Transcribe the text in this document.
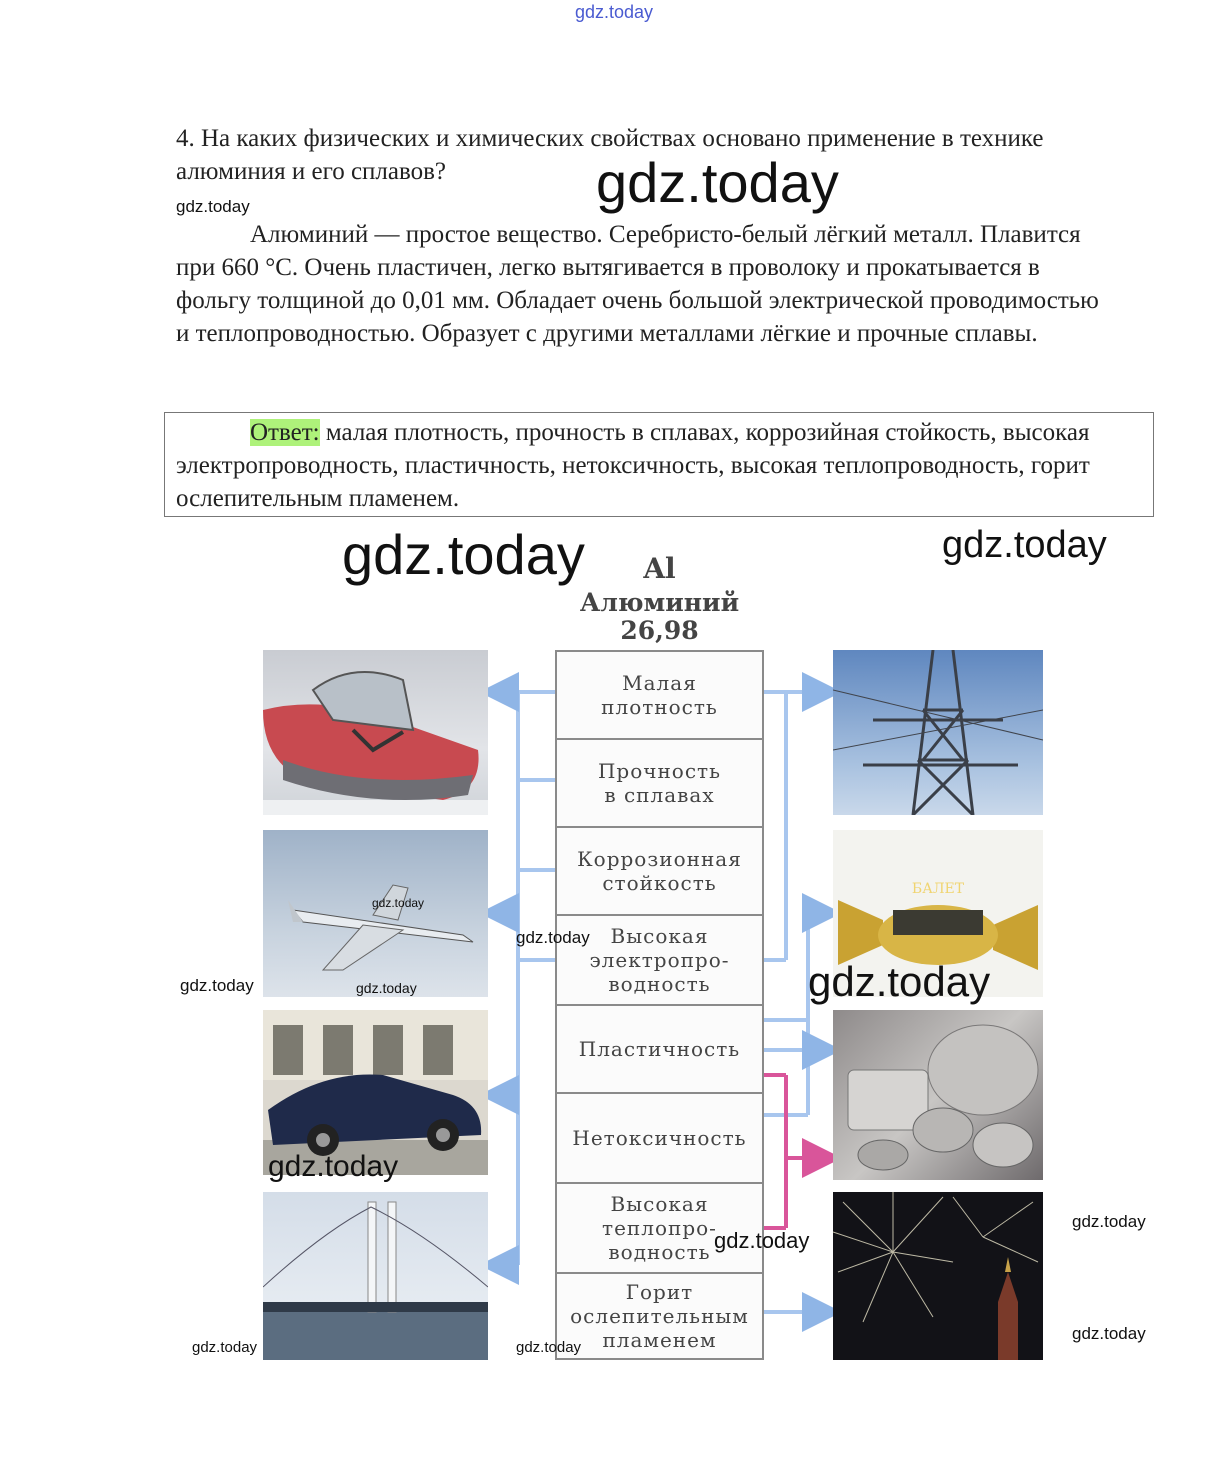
gdz.today
4. На каких физических и химических свойствах основано применение в технике алюминия и его сплавов?	gdz.today
gdz.today
Алюминий — простое вещество. Серебристо-белый лёгкий металл. Плавится при 660 °С. Очень пластичен, легко вытягивается в проволоку и прокатывается в фольгу толщиной до 0,01 мм. Обладает очень большой электрической проводимостью и теплопроводностью. Образует с другими металлами лёгкие и прочные сплавы.
Ответ: малая плотность, прочность в сплавах, коррозийная стойкость, высокая электропроводность, пластичность, нетоксичность, высокая теплопроводность, горит ослепительным пламенем.
gdz.today	gdz.today
Al
Алюминий
26,98
Малая
плотность
Прочность
в сплавах
Коррозионная
стойкость
Высокая
электропро-
водность
Пластичность
Нетоксичность
Высокая
теплопро-
водность
Горит
ослепительным
пламенем
gdz.today
БАЛЕТ
gdz.today
gdz.today	gdz.today	gdz.today
gdz.today
gdz.today
gdz.today
gdz.today
gdz.today	gdz.today
